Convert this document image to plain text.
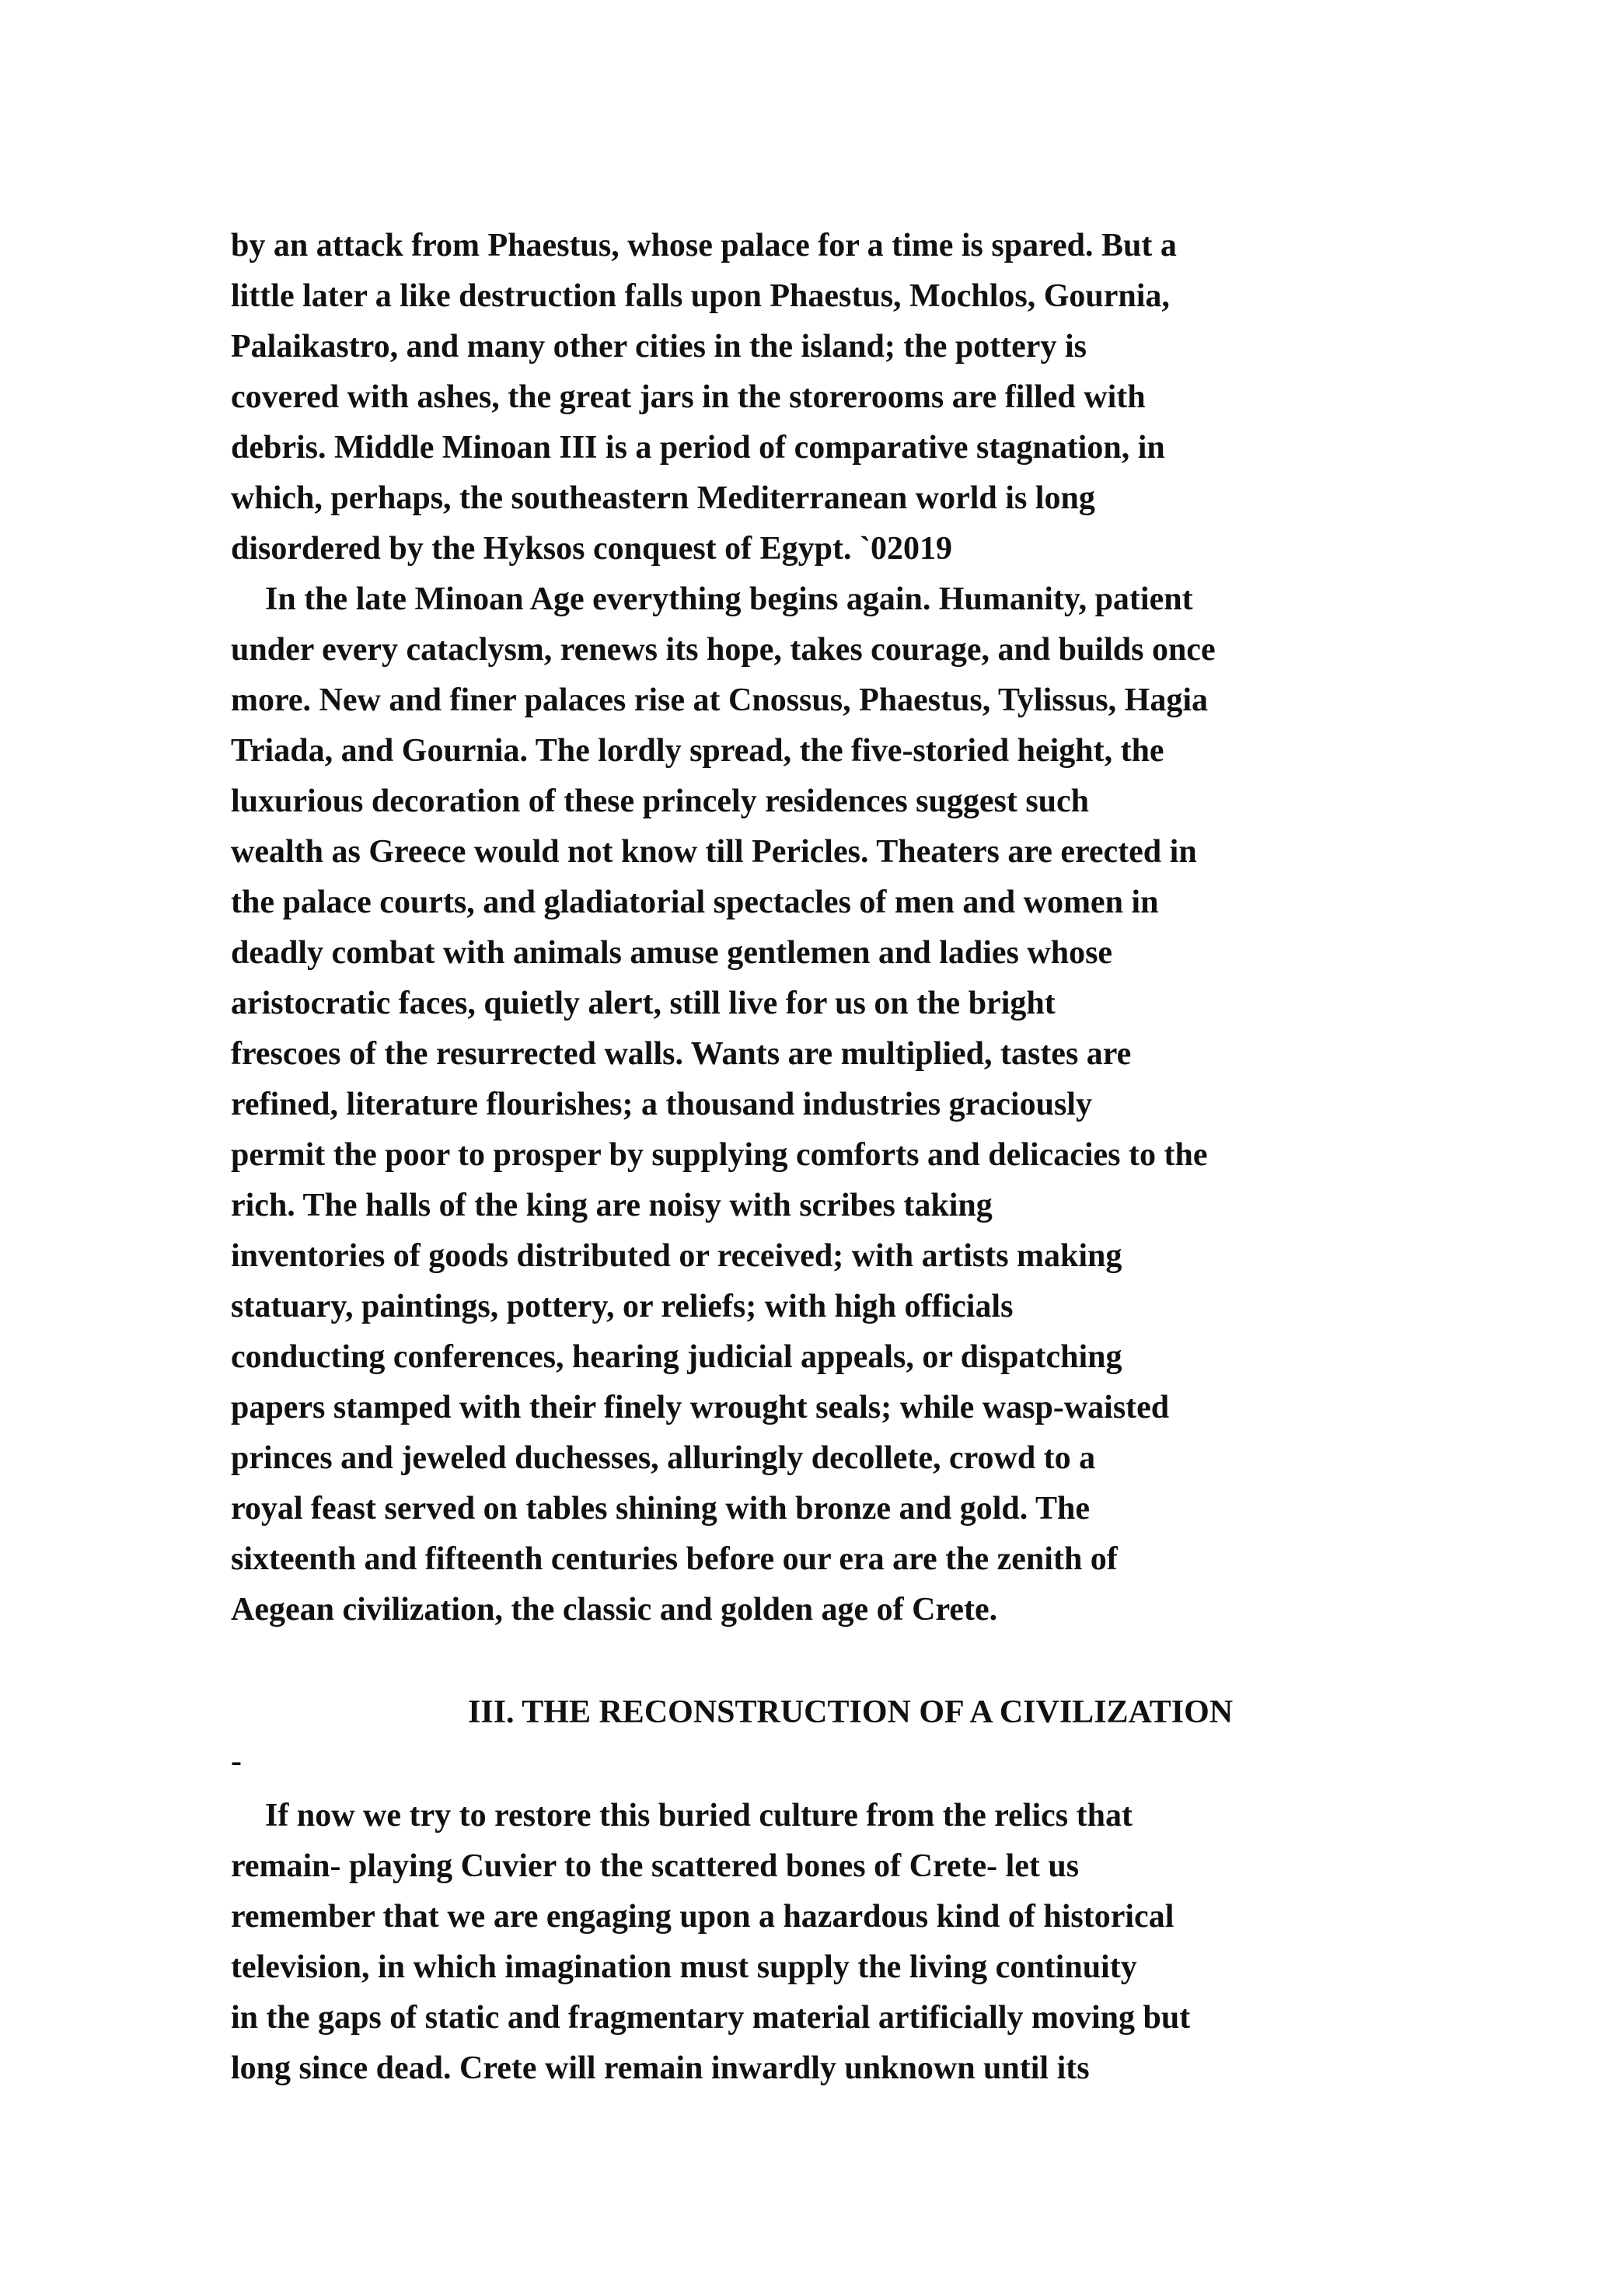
by an attack from Phaestus, whose palace for a time is spared. But a
little later a like destruction falls upon Phaestus, Mochlos, Gournia,
Palaikastro, and many other cities in the island; the pottery is
covered with ashes, the great jars in the storerooms are filled with
debris. Middle Minoan III is a period of comparative stagnation, in
which, perhaps, the southeastern Mediterranean world is long
disordered by the Hyksos conquest of Egypt. `02019
In the late Minoan Age everything begins again. Humanity, patient
under every cataclysm, renews its hope, takes courage, and builds once
more. New and finer palaces rise at Cnossus, Phaestus, Tylissus, Hagia
Triada, and Gournia. The lordly spread, the five-storied height, the
luxurious decoration of these princely residences suggest such
wealth as Greece would not know till Pericles. Theaters are erected in
the palace courts, and gladiatorial spectacles of men and women in
deadly combat with animals amuse gentlemen and ladies whose
aristocratic faces, quietly alert, still live for us on the bright
frescoes of the resurrected walls. Wants are multiplied, tastes are
refined, literature flourishes; a thousand industries graciously
permit the poor to prosper by supplying comforts and delicacies to the
rich. The halls of the king are noisy with scribes taking
inventories of goods distributed or received; with artists making
statuary, paintings, pottery, or reliefs; with high officials
conducting conferences, hearing judicial appeals, or dispatching
papers stamped with their finely wrought seals; while wasp-waisted
princes and jeweled duchesses, alluringly decollete, crowd to a
royal feast served on tables shining with bronze and gold. The
sixteenth and fifteenth centuries before our era are the zenith of
Aegean civilization, the classic and golden age of Crete.
III. THE RECONSTRUCTION OF A CIVILIZATION
-
If now we try to restore this buried culture from the relics that
remain- playing Cuvier to the scattered bones of Crete- let us
remember that we are engaging upon a hazardous kind of historical
television, in which imagination must supply the living continuity
in the gaps of static and fragmentary material artificially moving but
long since dead. Crete will remain inwardly unknown until its
